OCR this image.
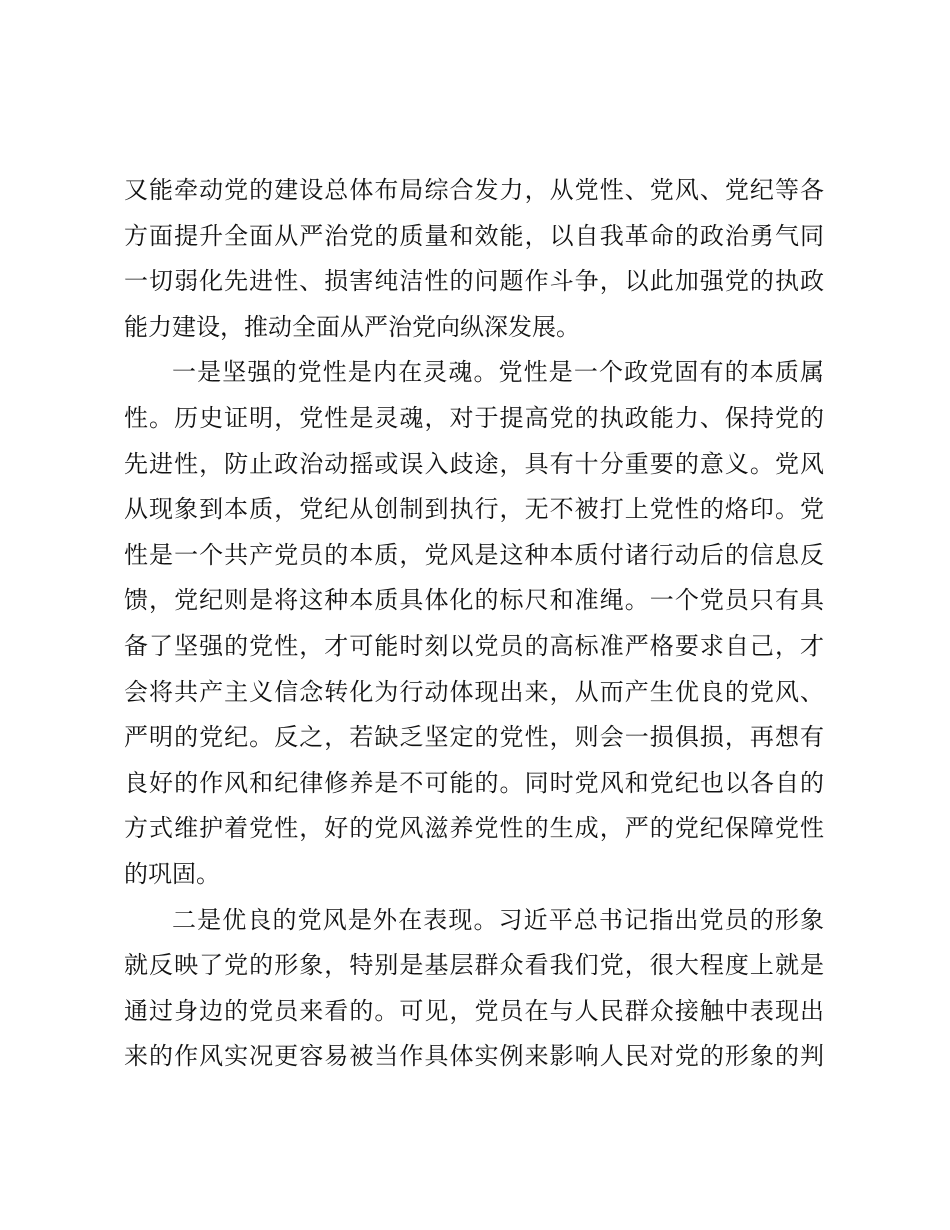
又能牵动党的建设总体布局综合发力，从党性、党风、党纪等各
方面提升全面从严治党的质量和效能，以自我革命的政治勇气同
一切弱化先进性、损害纯洁性的问题作斗争，以此加强党的执政
能力建设，推动全面从严治党向纵深发展。
一是坚强的党性是内在灵魂。党性是一个政党固有的本质属
性。历史证明，党性是灵魂，对于提高党的执政能力、保持党的
先进性，防止政治动摇或误入歧途，具有十分重要的意义。党风
从现象到本质，党纪从创制到执行，无不被打上党性的烙印。党
性是一个共产党员的本质，党风是这种本质付诸行动后的信息反
馈，党纪则是将这种本质具体化的标尺和准绳。一个党员只有具
备了坚强的党性，才可能时刻以党员的高标准严格要求自己，才
会将共产主义信念转化为行动体现出来，从而产生优良的党风、
严明的党纪。反之，若缺乏坚定的党性，则会一损俱损，再想有
良好的作风和纪律修养是不可能的。同时党风和党纪也以各自的
方式维护着党性，好的党风滋养党性的生成，严的党纪保障党性
的巩固。
二是优良的党风是外在表现。习近平总书记指出党员的形象
就反映了党的形象，特别是基层群众看我们党，很大程度上就是
通过身边的党员来看的。可见，党员在与人民群众接触中表现出
来的作风实况更容易被当作具体实例来影响人民对党的形象的判
